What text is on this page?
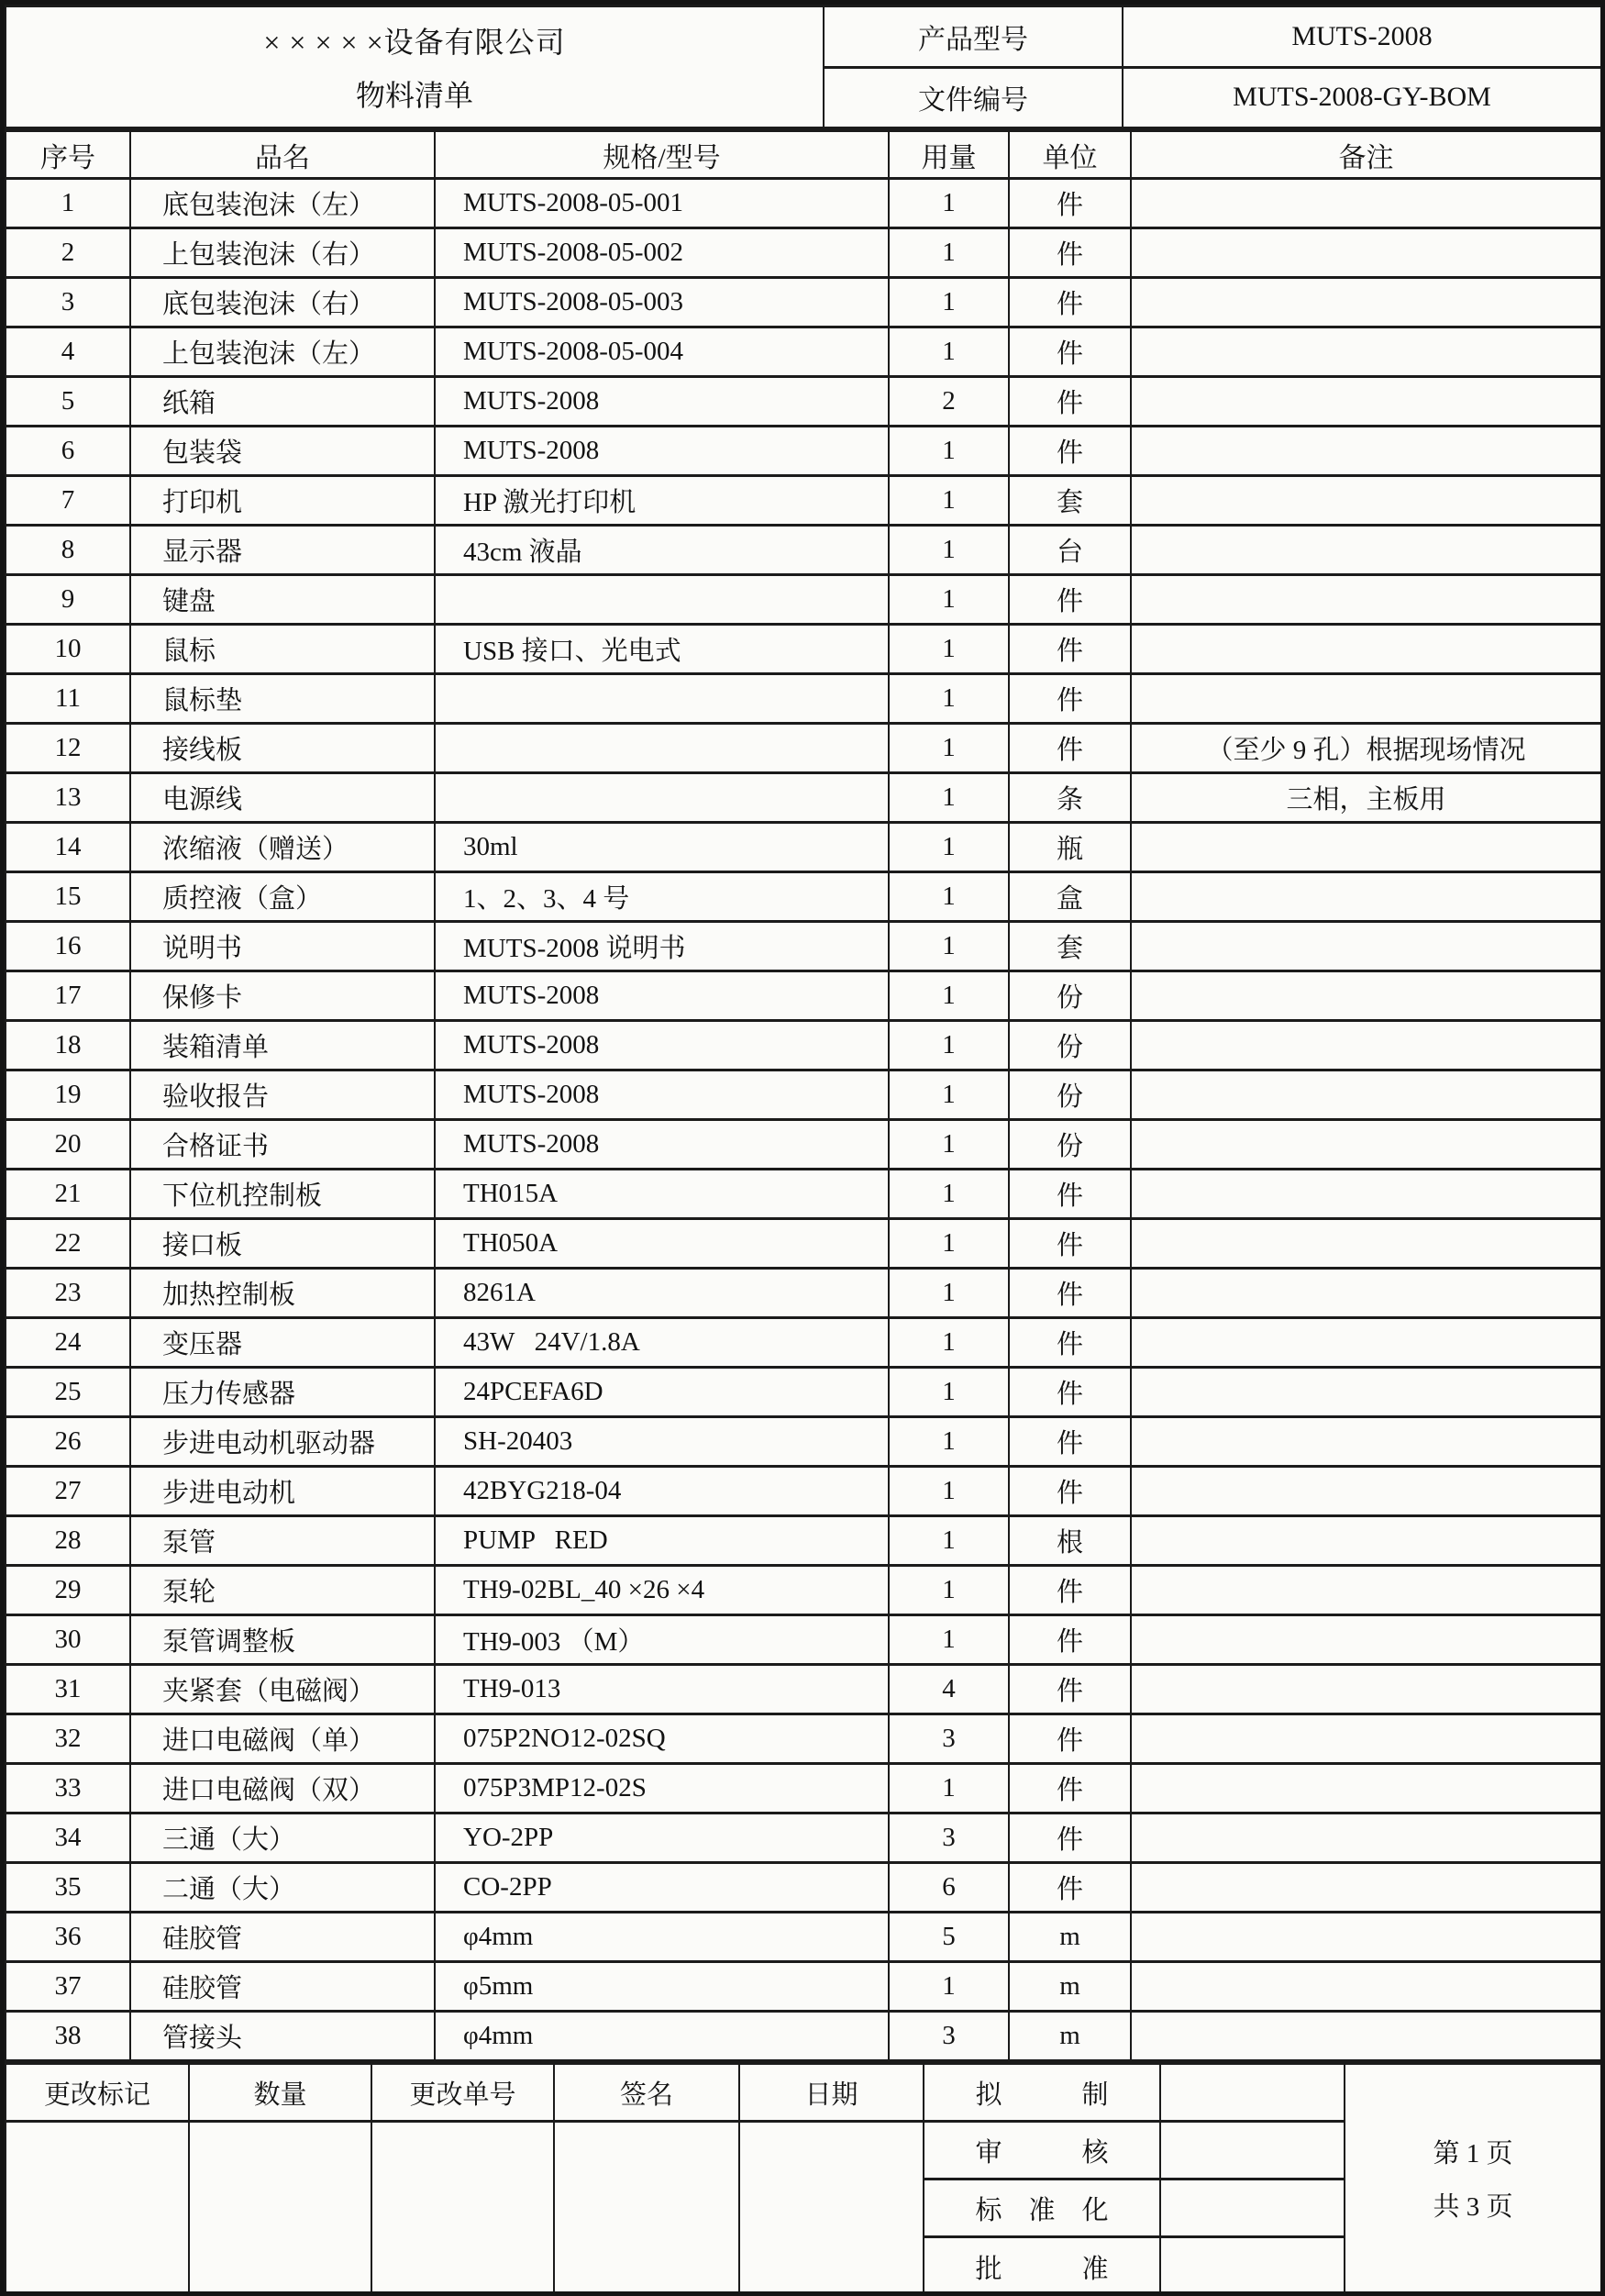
× × × × ×设备有限公司
物料清单	产品型号	MUTS-2008
	文件编号	MUTS-2008-GY-BOM
序号	品名	规格/型号	用量	单位	备注
1	底包装泡沫（左）	MUTS-2008-05-001	1	件	
2	上包装泡沫（右）	MUTS-2008-05-002	1	件	
3	底包装泡沫（右）	MUTS-2008-05-003	1	件	
4	上包装泡沫（左）	MUTS-2008-05-004	1	件	
5	纸箱	MUTS-2008	2	件	
6	包装袋	MUTS-2008	1	件	
7	打印机	HP 激光打印机	1	套	
8	显示器	43cm 液晶	1	台	
9	键盘		1	件	
10	鼠标	USB 接口、光电式	1	件	
11	鼠标垫		1	件	
12	接线板		1	件	（至少 9 孔）根据现场情况
13	电源线		1	条	三相，主板用
14	浓缩液（赠送）	30ml	1	瓶	
15	质控液（盒）	1、2、3、4 号	1	盒	
16	说明书	MUTS-2008 说明书	1	套	
17	保修卡	MUTS-2008	1	份	
18	装箱清单	MUTS-2008	1	份	
19	验收报告	MUTS-2008	1	份	
20	合格证书	MUTS-2008	1	份	
21	下位机控制板	TH015A	1	件	
22	接口板	TH050A	1	件	
23	加热控制板	8261A	1	件	
24	变压器	43W   24V/1.8A	1	件	
25	压力传感器	24PCEFA6D	1	件	
26	步进电动机驱动器	SH-20403	1	件	
27	步进电动机	42BYG218-04	1	件	
28	泵管	PUMP   RED	1	根	
29	泵轮	TH9-02BL_40 ×26 ×4	1	件	
30	泵管调整板	TH9-003 （M）	1	件	
31	夹紧套（电磁阀）	TH9-013	4	件	
32	进口电磁阀（单）	075P2NO12-02SQ	3	件	
33	进口电磁阀（双）	075P3MP12-02S	1	件	
34	三通（大）	YO-2PP	3	件	
35	二通（大）	CO-2PP	6	件	
36	硅胶管	φ4mm	5	m	
37	硅胶管	φ5mm	1	m	
38	管接头	φ4mm	3	m	
更改标记	数量	更改单号	签名	日期	拟制		第 1 页
共 3 页

					审核		
					标准化		
					批准		
